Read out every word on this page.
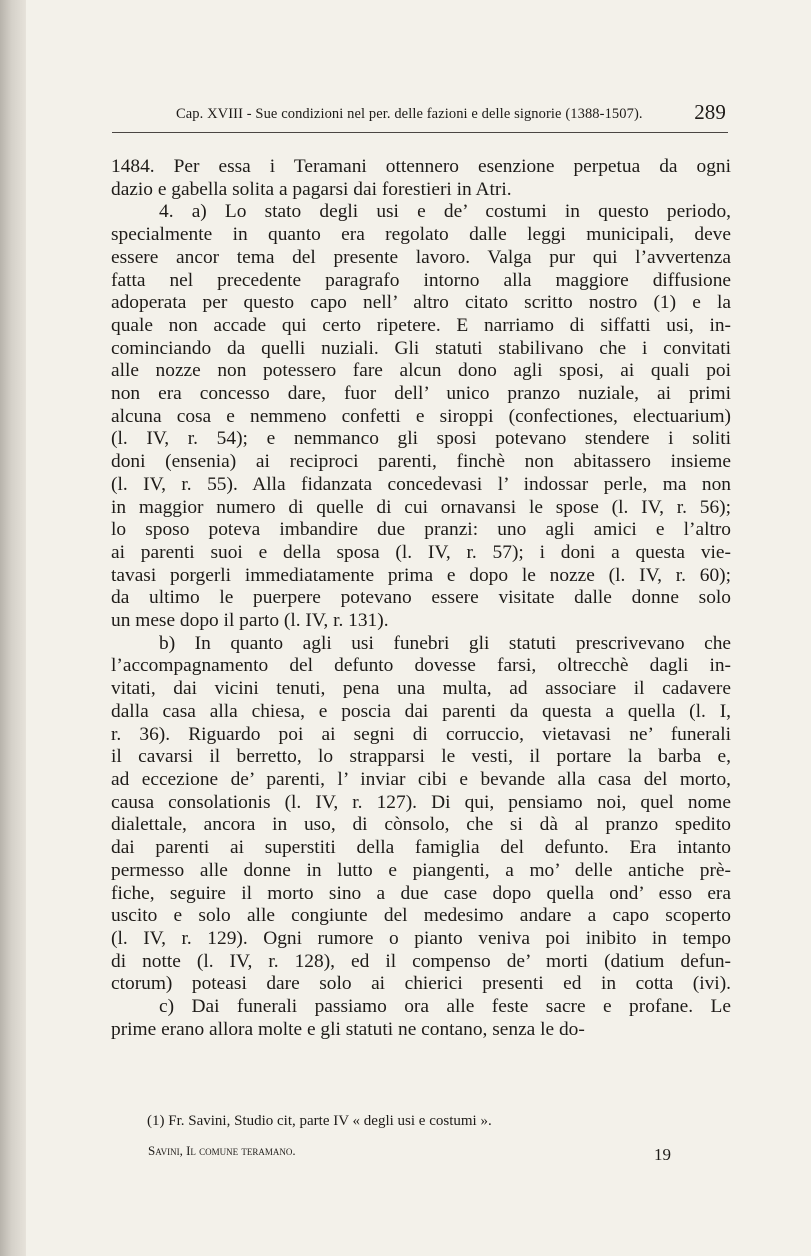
Cap. XVIII - Sue condizioni nel per. delle fazioni e delle signorie (1388-1507). 289
1484. Per essa i Teramani ottennero esenzione perpetua da ogni
dazio e gabella solita a pagarsi dai forestieri in Atri.
4. a) Lo stato degli usi e de’ costumi in questo periodo,
specialmente in quanto era regolato dalle leggi municipali, deve
essere ancor tema del presente lavoro. Valga pur qui l’avvertenza
fatta nel precedente paragrafo intorno alla maggiore diffusione
adoperata per questo capo nell’ altro citato scritto nostro (1) e la
quale non accade qui certo ripetere. E narriamo di siffatti usi, in-
cominciando da quelli nuziali. Gli statuti stabilivano che i convitati
alle nozze non potessero fare alcun dono agli sposi, ai quali poi
non era concesso dare, fuor dell’ unico pranzo nuziale, ai primi
alcuna cosa e nemmeno confetti e siroppi (confectiones, electuarium)
(l. IV, r. 54); e nemmanco gli sposi potevano stendere i soliti
doni (ensenia) ai reciproci parenti, finchè non abitassero insieme
(l. IV, r. 55). Alla fidanzata concedevasi l’ indossar perle, ma non
in maggior numero di quelle di cui ornavansi le spose (l. IV, r. 56);
lo sposo poteva imbandire due pranzi: uno agli amici e l’altro
ai parenti suoi e della sposa (l. IV, r. 57); i doni a questa vie-
tavasi porgerli immediatamente prima e dopo le nozze (l. IV, r. 60);
da ultimo le puerpere potevano essere visitate dalle donne solo
un mese dopo il parto (l. IV, r. 131).
b) In quanto agli usi funebri gli statuti prescrivevano che
l’accompagnamento del defunto dovesse farsi, oltrecchè dagli in-
vitati, dai vicini tenuti, pena una multa, ad associare il cadavere
dalla casa alla chiesa, e poscia dai parenti da questa a quella (l. I,
r. 36). Riguardo poi ai segni di corruccio, vietavasi ne’ funerali
il cavarsi il berretto, lo strapparsi le vesti, il portare la barba e,
ad eccezione de’ parenti, l’ inviar cibi e bevande alla casa del morto,
causa consolationis (l. IV, r. 127). Di qui, pensiamo noi, quel nome
dialettale, ancora in uso, di cònsolo, che si dà al pranzo spedito
dai parenti ai superstiti della famiglia del defunto. Era intanto
permesso alle donne in lutto e piangenti, a mo’ delle antiche prè-
fiche, seguire il morto sino a due case dopo quella ond’ esso era
uscito e solo alle congiunte del medesimo andare a capo scoperto
(l. IV, r. 129). Ogni rumore o pianto veniva poi inibito in tempo
di notte (l. IV, r. 128), ed il compenso de’ morti (datium defun-
ctorum) poteasi dare solo ai chierici presenti ed in cotta (ivi).
c) Dai funerali passiamo ora alle feste sacre e profane. Le
prime erano allora molte e gli statuti ne contano, senza le do-
(1) Fr. Savini, Studio cit, parte IV « degli usi e costumi ».
Savini, Il comune teramano.	19
